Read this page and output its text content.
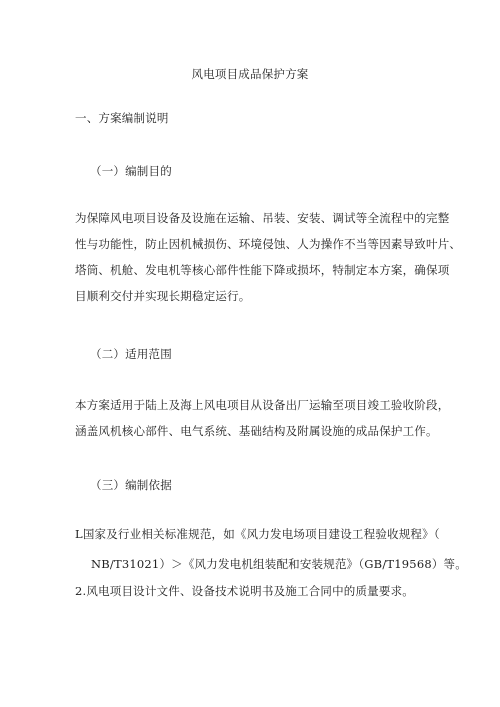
风电项目成品保护方案
一、方案编制说明
（一）编制目的
为保障风电项目设备及设施在运输、吊装、安装、调试等全流程中的完整
性与功能性，防止因机械损伤、环境侵蚀、人为操作不当等因素导致叶片、
塔筒、机舱、发电机等核心部件性能下降或损坏，特制定本方案，确保项
目顺利交付并实现长期稳定运行。
（二）适用范围
本方案适用于陆上及海上风电项目从设备出厂运输至项目竣工验收阶段，
涵盖风机核心部件、电气系统、基础结构及附属设施的成品保护工作。
（三）编制依据
L国家及行业相关标准规范，如《风力发电场项目建设工程验收规程》（
NB/T31021）＞《风力发电机组装配和安装规范》（GB/T19568）等。
2.风电项目设计文件、设备技术说明书及施工合同中的质量要求。
